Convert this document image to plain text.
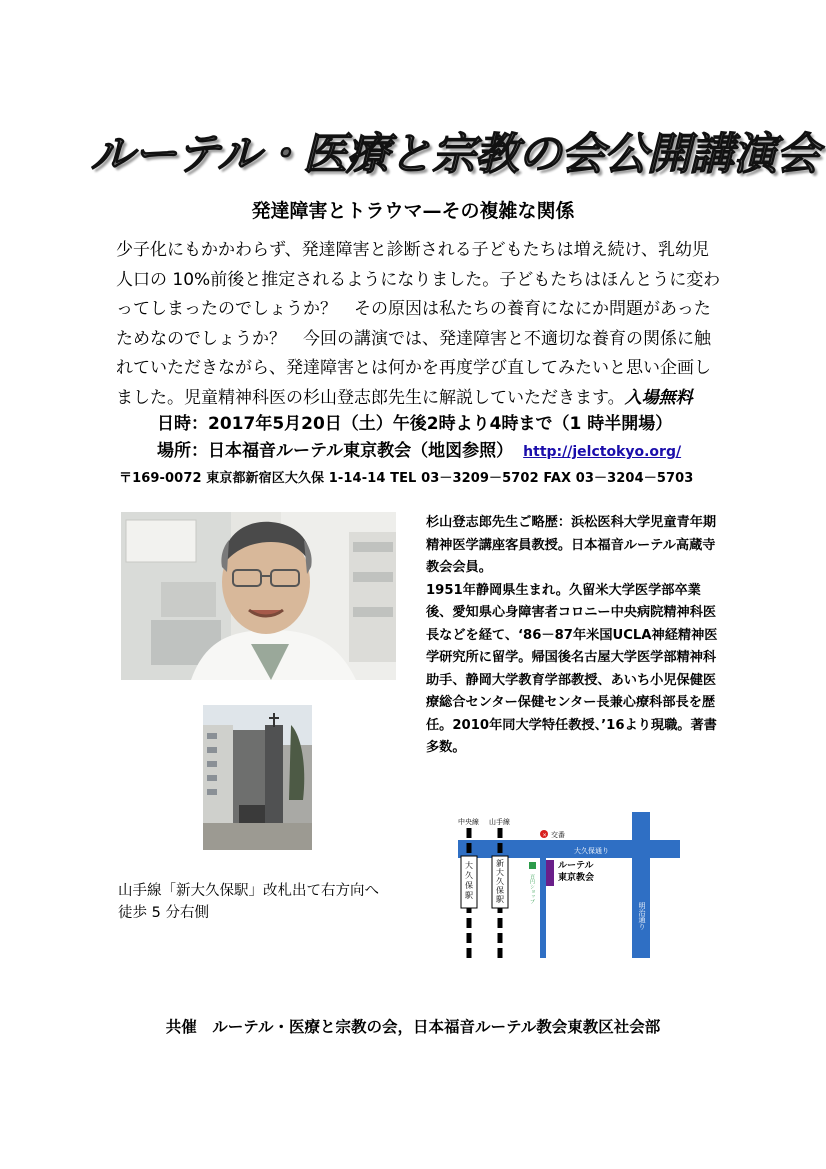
ルーテル・医療と宗教の会公開講演会
発達障害とトラウマ—その複雑な関係
少子化にもかかわらず、発達障害と診断される子どもたちは増え続け、乳幼児
人口の 10%前後と推定されるようになりました。子どもたちはほんとうに変わ
ってしまったのでしょうか？　その原因は私たちの養育になにか問題があった
ためなのでしょうか？　今回の講演では、発達障害と不適切な養育の関係に触
れていただきながら、発達障害とは何かを再度学び直してみたいと思い企画し
ました。児童精神科医の杉山登志郎先生に解説していただきます。入場無料
日時：2017年5月20日（土）午後2時より4時まで（1 時半開場）
場所：日本福音ルーテル東京教会（地図参照） http://jelctokyo.org/
〒169-0072 東京都新宿区大久保 1-14-14 TEL 03－3209－5702 FAX 03－3204－5703

杉山登志郎先生ご略歴：浜松医科大学児童青年期精神医学講座客員教授。日本福音ルーテル高蔵寺教会会員。

1951年静岡県生まれ。久留米大学医学部卒業後、愛知県心身障害者コロニー中央病院精神科医長などを経て、‘86－87年米国UCLA神経精神医学研究所に留学。帰国後名古屋大学医学部精神科助手、静岡大学教育学部教授、あいち小児保健医療総合センター保健センター長兼心療科部長を歴任。2010年同大学特任教授、’16より現職。著書多数。

山手線「新大久保駅」改札出て右方向へ
徒歩 5 分右側
大久保通り
明治通り
中央線 山手線
大
久
保
駅
新
大
久
保
駅
× 交番
百円ショップ
ルーテル
東京教会
共催　ルーテル・医療と宗教の会，日本福音ルーテル教会東教区社会部
